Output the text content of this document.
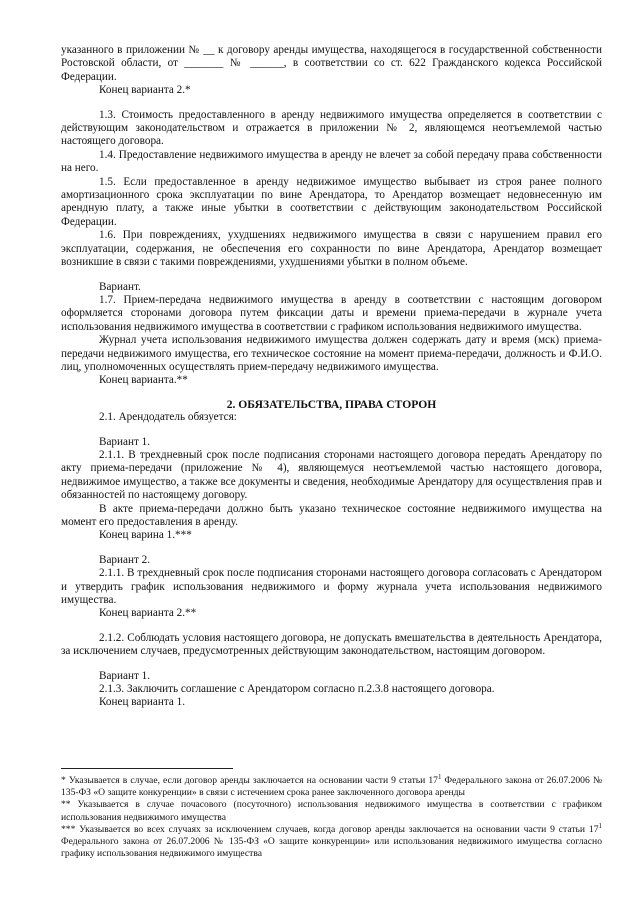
указанного в приложении № __ к договору аренды имущества, находящегося в государственной собственности Ростовской области, от _______ № ______, в соответствии со ст. 622 Гражданского кодекса Российской Федерации.

Конец варианта 2.*

1.3. Стоимость предоставленного в аренду недвижимого имущества определяется в соответствии с действующим законодательством и отражается в приложении № 2, являющемся неотъемлемой частью настоящего договора.

1.4. Предоставление недвижимого имущества в аренду не влечет за собой передачу права собственности на него.

1.5. Если предоставленное в аренду недвижимое имущество выбывает из строя ранее полного амортизационного срока эксплуатации по вине Арендатора, то Арендатор возмещает недовнесенную им арендную плату, а также иные убытки в соответствии с действующим законодательством Российской Федерации.

1.6. При повреждениях, ухудшениях недвижимого имущества в связи с нарушением правил его эксплуатации, содержания, не обеспечения его сохранности по вине Арендатора, Арендатор возмещает возникшие в связи с такими повреждениями, ухудшениями убытки в полном объеме.

Вариант.

1.7. Прием-передача недвижимого имущества в аренду в соответствии с настоящим договором оформляется сторонами договора путем фиксации даты и времени приема-передачи в журнале учета использования недвижимого имущества в соответствии с графиком использования недвижимого имущества.

Журнал учета использования недвижимого имущества должен содержать дату и время (мск) приема-передачи недвижимого имущества, его техническое состояние на момент приема-передачи, должность и Ф.И.О. лиц, уполномоченных осуществлять прием-передачу недвижимого имущества.

Конец варианта.**

2. ОБЯЗАТЕЛЬСТВА, ПРАВА СТОРОН

2.1. Арендодатель обязуется:

Вариант 1.

2.1.1. В трехдневный срок после подписания сторонами настоящего договора передать Арендатору по акту приема-передачи (приложение № 4), являющемуся неотъемлемой частью настоящего договора, недвижимое имущество, а также все документы и сведения, необходимые Арендатору для осуществления прав и обязанностей по настоящему договору.

В акте приема-передачи должно быть указано техническое состояние недвижимого имущества на момент его предоставления в аренду.

Конец варина 1.***

Вариант 2.

2.1.1. В трехдневный срок после подписания сторонами настоящего договора согласовать с Арендатором и утвердить график использования недвижимого и форму журнала учета использования недвижимого имущества.

Конец варианта 2.**

2.1.2. Соблюдать условия настоящего договора, не допускать вмешательства в деятельность Арендатора, за исключением случаев, предусмотренных действующим законодательством, настоящим договором.

Вариант 1.

2.1.3. Заключить соглашение с Арендатором согласно п.2.3.8 настоящего договора.

Конец варианта 1.

* Указывается в случае, если договор аренды заключается на основании части 9 статьи $17^1$ Федерального закона от 26.07.2006 № 135-ФЗ «О защите конкуренции» в связи с истечением срока ранее заключенного договора аренды

** Указывается в случае почасового (посуточного) использования недвижимого имущества в соответствии с графиком использования недвижимого имущества

*** Указывается во всех случаях за исключением случаев, когда договор аренды заключается на основании части 9 статьи $17^1$ Федерального закона от 26.07.2006 № 135-ФЗ «О защите конкуренции» или использования недвижимого имущества согласно графику использования недвижимого имущества
